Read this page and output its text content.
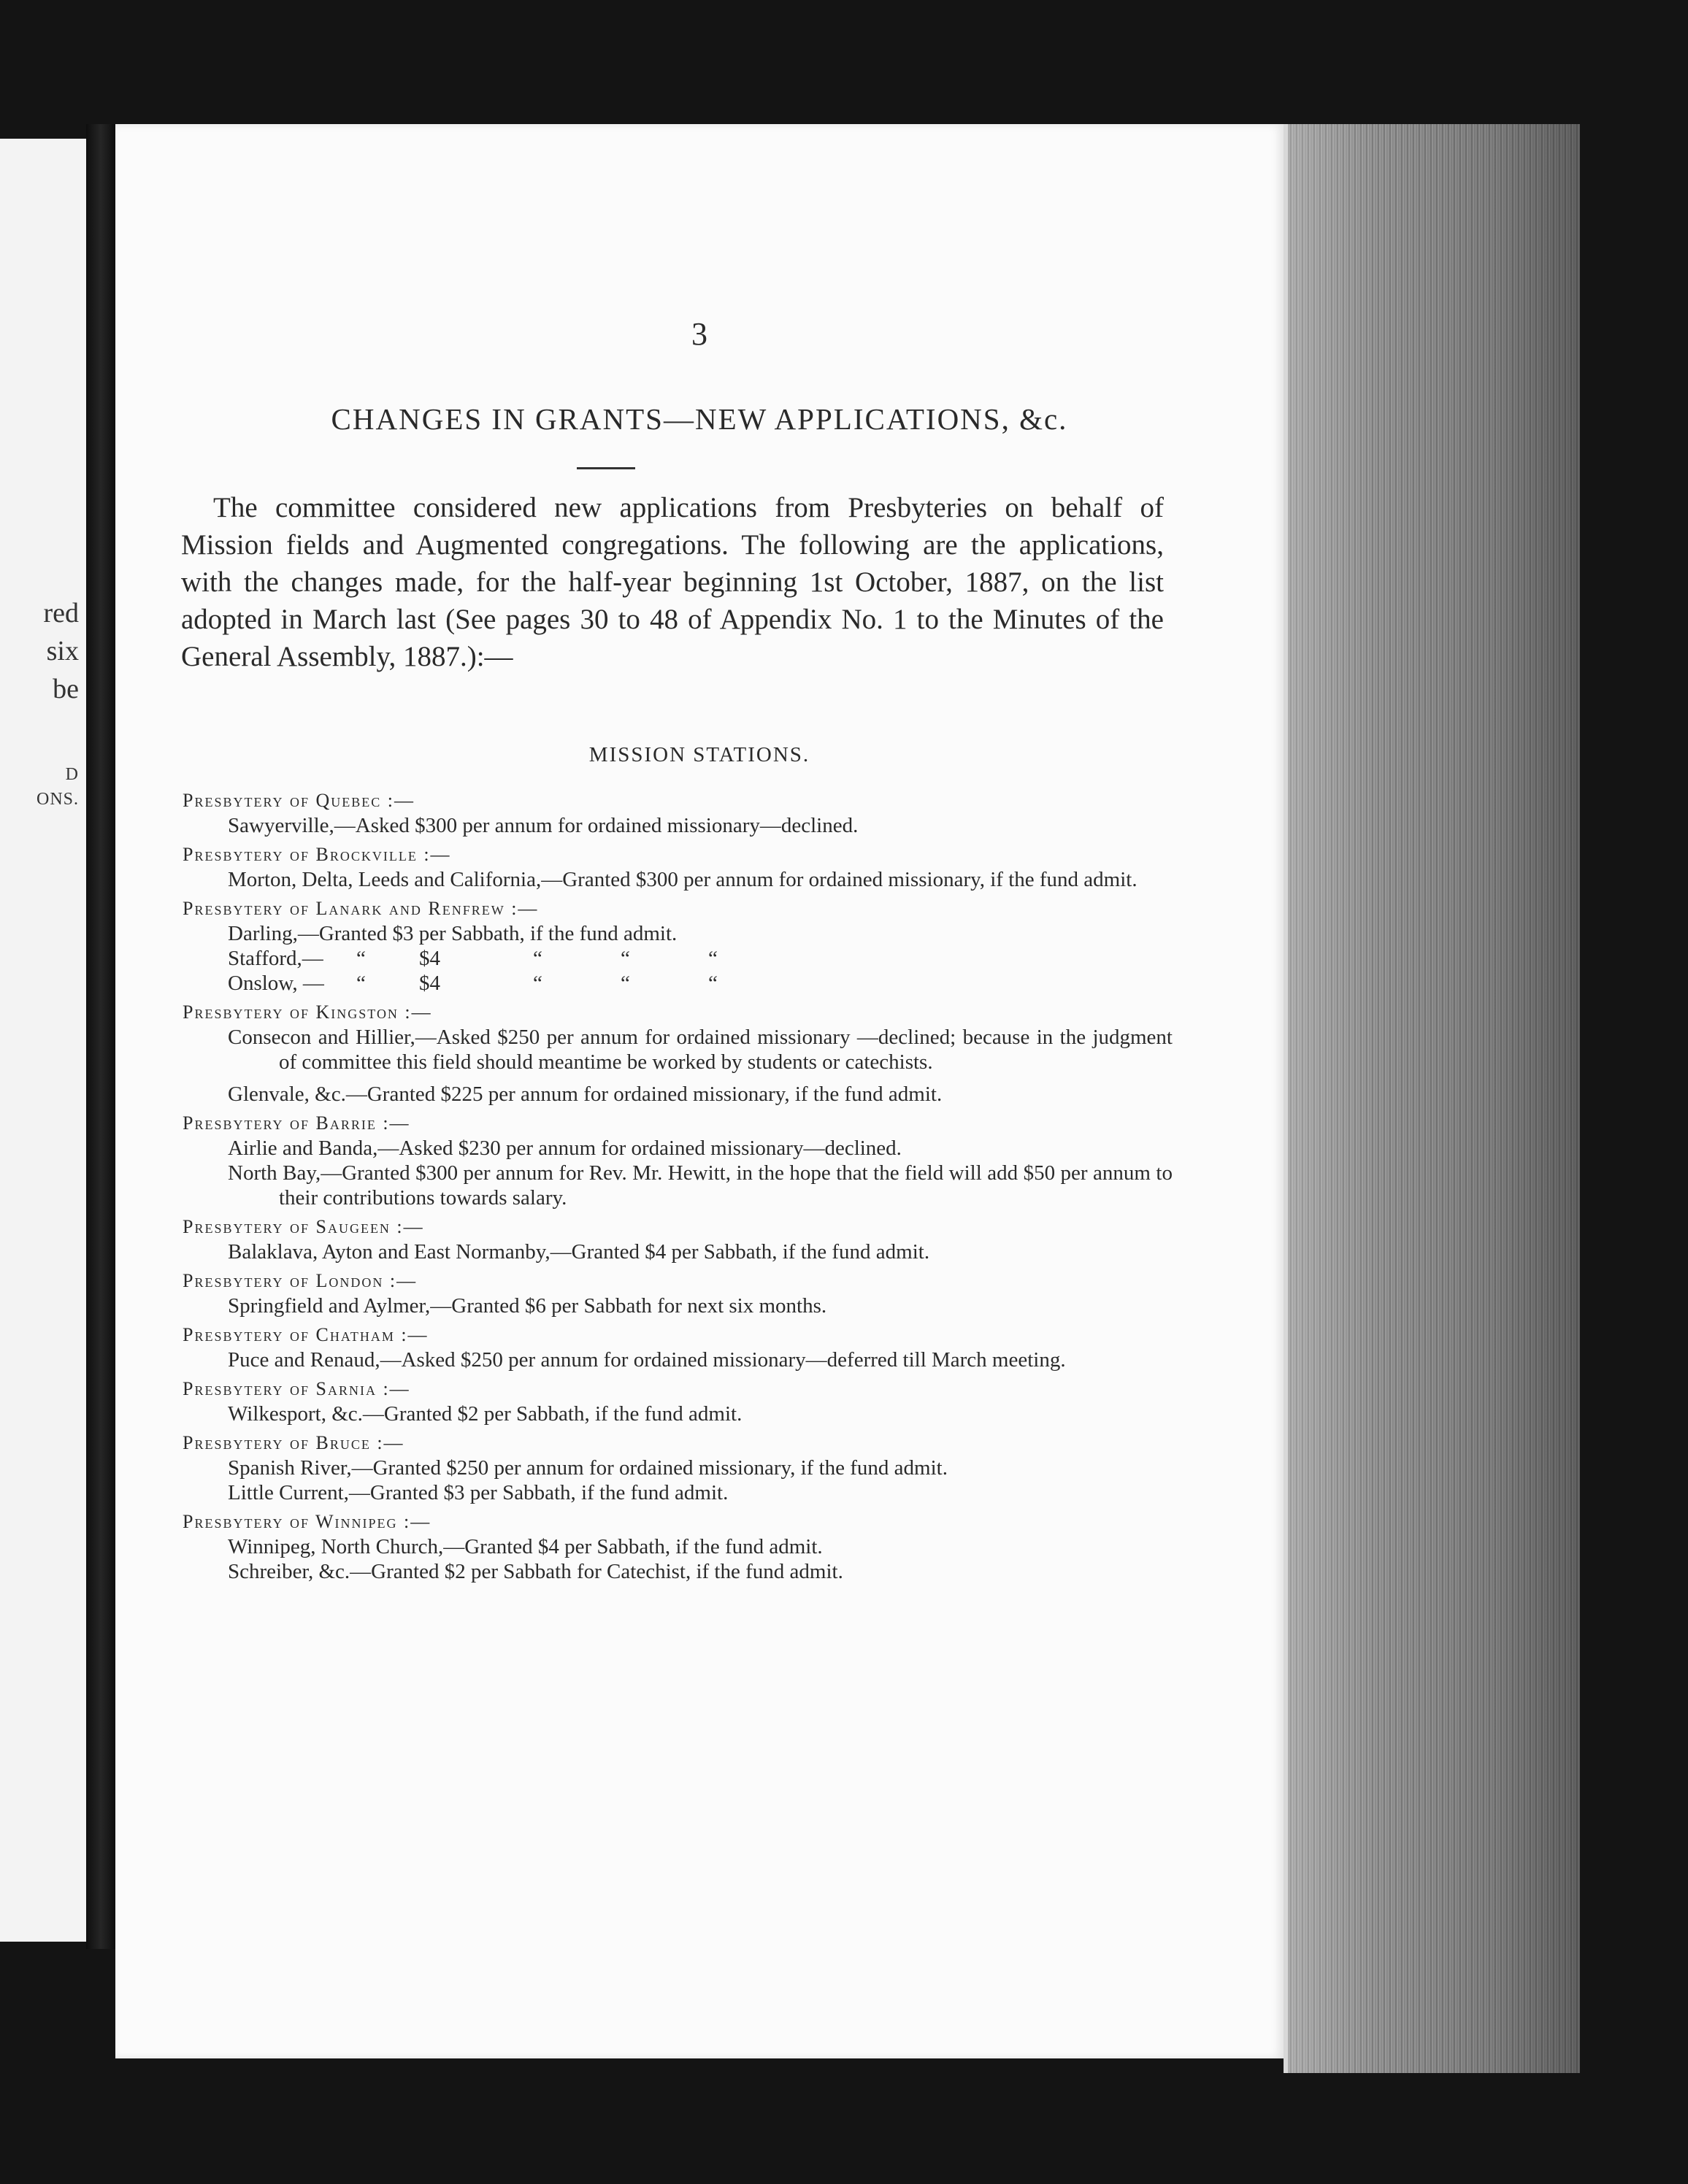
red
six
be
D
ONS.
3
CHANGES IN GRANTS—NEW APPLICATIONS, &c.

The committee considered new applications from Presbyteries on behalf of Mission fields and Augmented congregations. The following are the applications, with the changes made, for the half-year beginning 1st October, 1887, on the list adopted in March last (See pages 30 to 48 of Appendix No. 1 to the Minutes of the General Assembly, 1887.):—

MISSION STATIONS.

Presbytery of Quebec :—

Sawyerville,—Asked $300 per annum for ordained missionary—declined.

Presbytery of Brockville :—

Morton, Delta, Leeds and California,—Granted $300 per annum for ordained missionary, if the fund admit.

Presbytery of Lanark and Renfrew :—

Darling,—Granted $3 per Sabbath, if the fund admit.

Stafford,—	“	$4	“	“	“
Onslow, —	“	$4	“	“	“

Presbytery of Kingston :—

Consecon and Hillier,—Asked $250 per annum for ordained missionary —declined; because in the judgment of committee this field should meantime be worked by students or catechists.

Glenvale, &c.—Granted $225 per annum for ordained missionary, if the fund admit.

Presbytery of Barrie :—

Airlie and Banda,—Asked $230 per annum for ordained missionary—declined.

North Bay,—Granted $300 per annum for Rev. Mr. Hewitt, in the hope that the field will add $50 per annum to their contributions towards salary.

Presbytery of Saugeen :—

Balaklava, Ayton and East Normanby,—Granted $4 per Sabbath, if the fund admit.

Presbytery of London :—

Springfield and Aylmer,—Granted $6 per Sabbath for next six months.

Presbytery of Chatham :—

Puce and Renaud,—Asked $250 per annum for ordained missionary—deferred till March meeting.

Presbytery of Sarnia :—

Wilkesport, &c.—Granted $2 per Sabbath, if the fund admit.

Presbytery of Bruce :—

Spanish River,—Granted $250 per annum for ordained missionary, if the fund admit.

Little Current,—Granted $3 per Sabbath, if the fund admit.

Presbytery of Winnipeg :—

Winnipeg, North Church,—Granted $4 per Sabbath, if the fund admit.

Schreiber, &c.—Granted $2 per Sabbath for Catechist, if the fund admit.
